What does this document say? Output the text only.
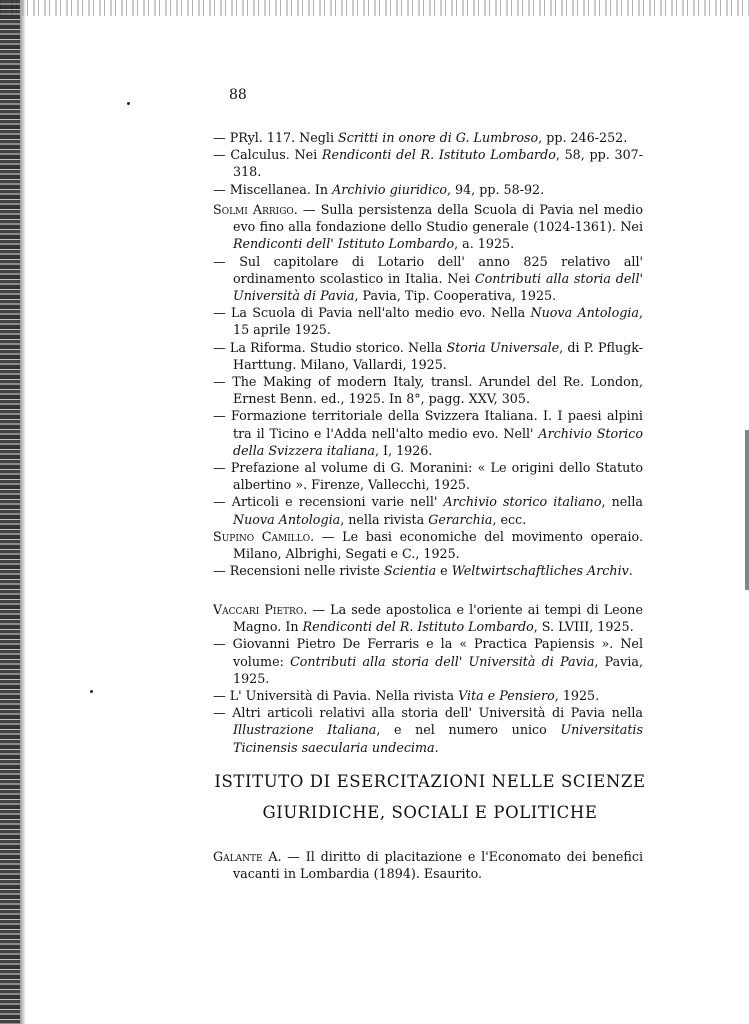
88

— PRyl. 117. Negli Scritti in onore di G. Lumbroso, pp. 246-252.

— Calculus. Nei Rendiconti del R. Istituto Lombardo, 58, pp. 307-318.

— Miscellanea. In Archivio giuridico, 94, pp. 58-92.

Solmi Arrigo. — Sulla persistenza della Scuola di Pavia nel medio evo fino alla fondazione dello Studio generale (1024-1361). Nei Rendiconti dell' Istituto Lombardo, a. 1925.

— Sul capitolare di Lotario dell' anno 825 relativo all' ordinamento scolastico in Italia. Nei Contributi alla storia dell' Università di Pavia, Pavia, Tip. Cooperativa, 1925.

— La Scuola di Pavia nell'alto medio evo. Nella Nuova Antologia, 15 aprile 1925.

— La Riforma. Studio storico. Nella Storia Universale, di P. Pflugk-Harttung. Milano, Vallardi, 1925.

— The Making of modern Italy, transl. Arundel del Re. London, Ernest Benn. ed., 1925. In 8°, pagg. XXV, 305.

— Formazione territoriale della Svizzera Italiana. I. I paesi alpini tra il Ticino e l'Adda nell'alto medio evo. Nell' Archivio Storico della Svizzera italiana, I, 1926.

— Prefazione al volume di G. Moranini: « Le origini dello Statuto albertino ». Firenze, Vallecchi, 1925.

— Articoli e recensioni varie nell' Archivio storico italiano, nella Nuova Antologia, nella rivista Gerarchia, ecc.

Supino Camillo. — Le basi economiche del movimento operaio. Milano, Albrighi, Segati e C., 1925.

— Recensioni nelle riviste Scientia e Weltwirtschaftliches Archiv.

Vaccari Pietro. — La sede apostolica e l'oriente ai tempi di Leone Magno. In Rendiconti del R. Istituto Lombardo, S. LVIII, 1925.

— Giovanni Pietro De Ferraris e la « Practica Papiensis ». Nel volume: Contributi alla storia dell' Università di Pavia, Pavia, 1925.

— L' Università di Pavia. Nella rivista Vita e Pensiero, 1925.

— Altri articoli relativi alla storia dell' Università di Pavia nella Illustrazione Italiana, e nel numero unico Universitatis Ticinensis saecularia undecima.

ISTITUTO DI ESERCITAZIONI NELLE SCIENZE
GIURIDICHE, SOCIALI E POLITICHE

Galante A. — Il diritto di placitazione e l'Economato dei benefici vacanti in Lombardia (1894). Esaurito.
